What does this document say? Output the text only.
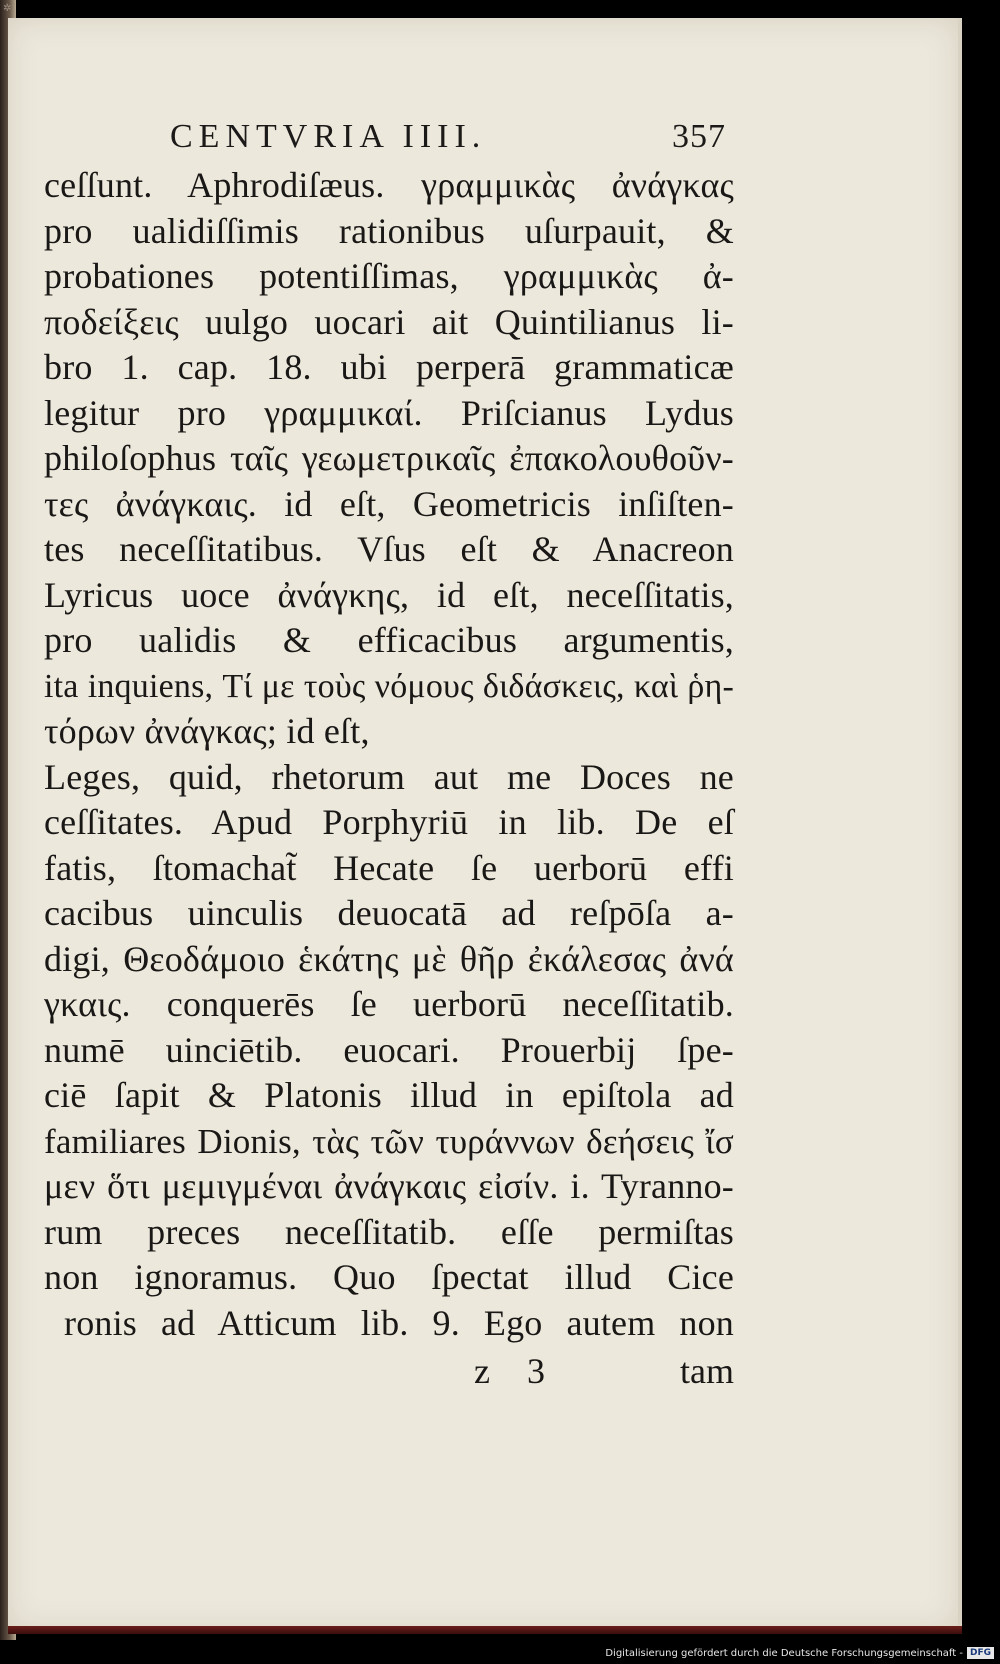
✲
CENTVRIA IIII.	357
ceſſunt. Aphrodiſæus. γραμμικὰς ἀνάγκας
pro ualidiſſimis rationibus uſurpauit, &
probationes potentiſſimas, γραμμικὰς ἀ-
ποδείξεις uulgo uocari ait Quintilianus li-
bro 1. cap. 18. ubi perperā grammaticæ
legitur pro γραμμικαί. Priſcianus Lydus
philoſophus ταῖς γεωμετρικαῖς ἐπακολουθοῦν-
τες ἀνάγκαις. id eſt, Geometricis inſiſten-
tes neceſſitatibus. Vſus eſt & Anacreon
Lyricus uoce ἀνάγκης, id eſt, neceſſitatis,
pro ualidis & efficacibus argumentis,
ita inquiens, Τί με τοὺς νόμους διδάσκεις, καὶ ῥη-
τόρων ἀνάγκας; id eſt,
Leges, quid, rhetorum aut me Doces ne
ceſſitates. Apud Porphyriū in lib. De eſ
fatis, ſtomachat̃ Hecate ſe uerborū effi
cacibus uinculis deuocatā ad reſpōſa a-
digi, Θεοδάμοιο ἑκάτης μὲ θῆρ ἐκάλεσας ἀνά
γκαις. conquerēs ſe uerborū neceſſitatib.
numē uinciētib. euocari. Prouerbij ſpe-
ciē ſapit & Platonis illud in epiſtola ad
familiares Dionis, τὰς τῶν τυράννων δεήσεις ἴσ
μεν ὅτι μεμιγμέναι ἀνάγκαις εἰσίν. i. Tyranno-
rum preces neceſſitatib. eſſe permiſtas
non ignoramus. Quo ſpectat illud Cice
ronis ad Atticum lib. 9. Ego autem non
z 3	tam
Digitalisierung gefördert durch die Deutsche Forschungsgemeinschaft - DFG
